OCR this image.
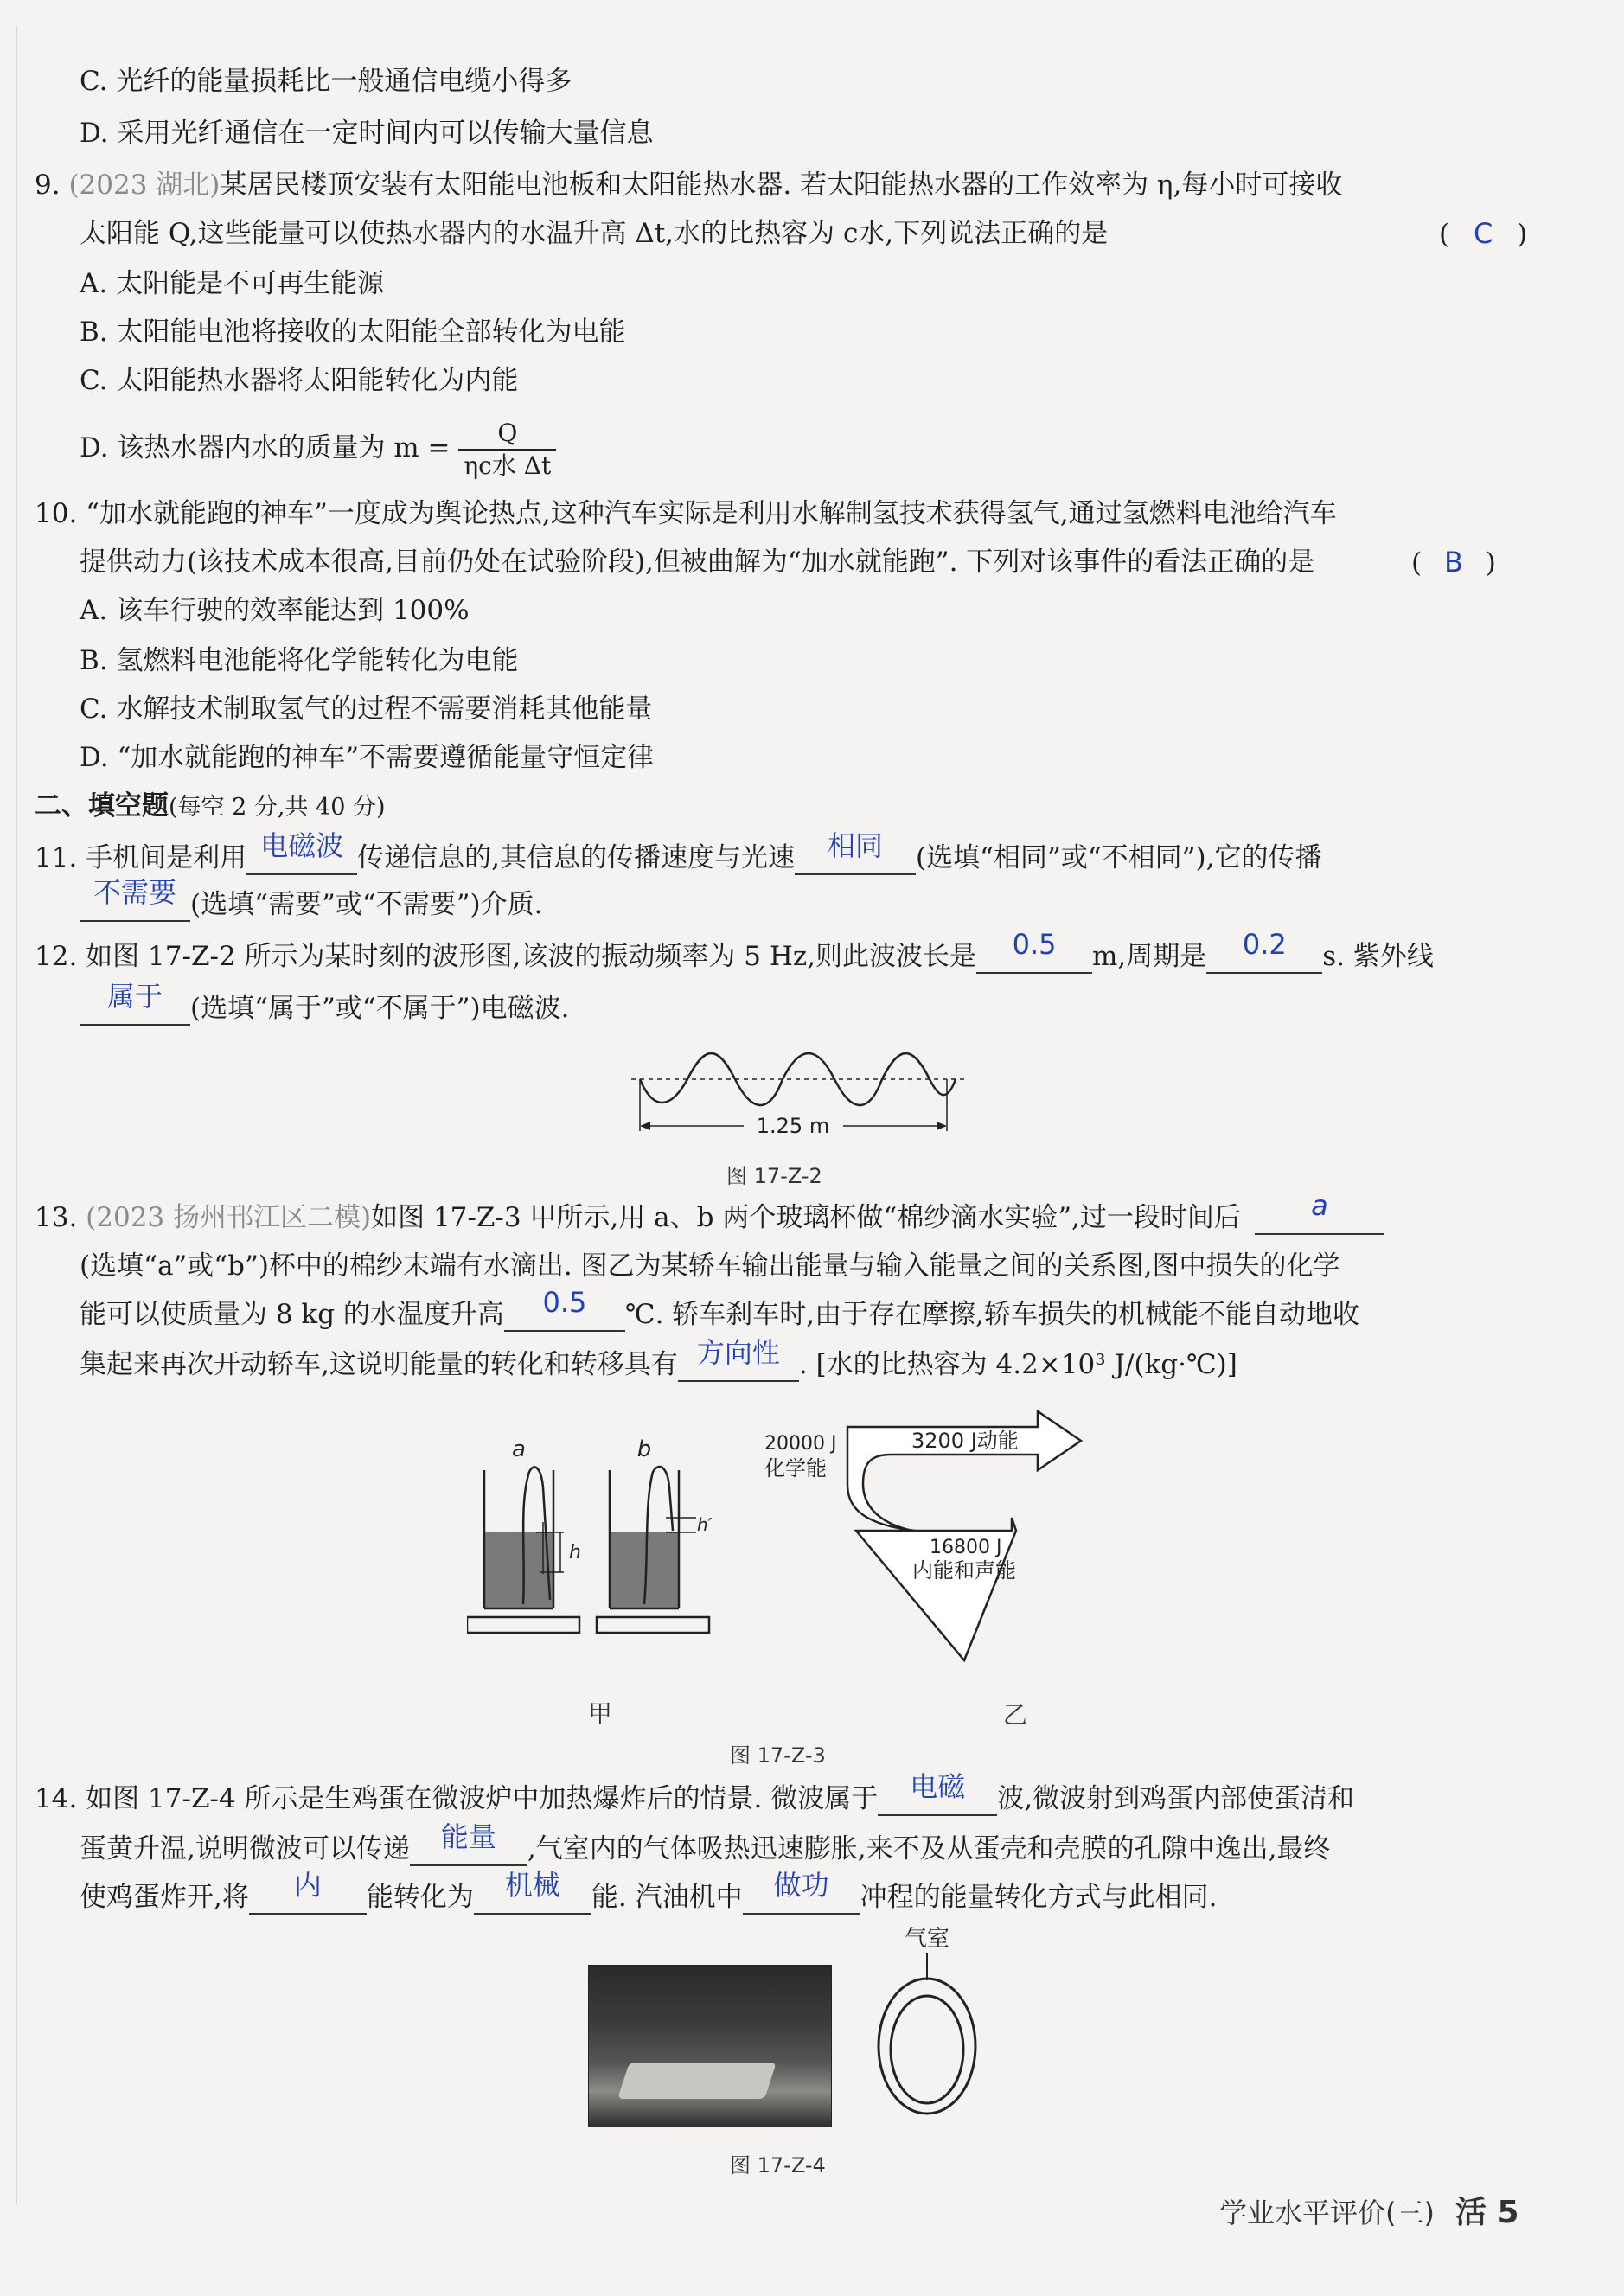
C. 光纤的能量损耗比一般通信电缆小得多
D. 采用光纤通信在一定时间内可以传输大量信息
9. (2023 湖北)某居民楼顶安装有太阳能电池板和太阳能热水器. 若太阳能热水器的工作效率为 η,每小时可接收
太阳能 Q,这些能量可以使热水器内的水温升高 Δt,水的比热容为 c水,下列说法正确的是	( C )
A. 太阳能是不可再生能源
B. 太阳能电池将接收的太阳能全部转化为电能
C. 太阳能热水器将太阳能转化为内能
D. 该热水器内水的质量为 $m = \frac{Q}{\text{ηc水 Δt}}$
10. “加水就能跑的神车”一度成为舆论热点,这种汽车实际是利用水解制氢技术获得氢气,通过氢燃料电池给汽车
提供动力(该技术成本很高,目前仍处在试验阶段),但被曲解为“加水就能跑”. 下列对该事件的看法正确的是	( B )
A. 该车行驶的效率能达到 100%
B. 氢燃料电池能将化学能转化为电能
C. 水解技术制取氢气的过程不需要消耗其他能量
D. “加水就能跑的神车”不需要遵循能量守恒定律
二、填空题(每空 2 分,共 40 分)
11. 手机间是利用 电磁波 传递信息的,其信息的传播速度与光速	相同	(选填“相同”或“不相同”),它的传播
不需要 (选填“需要”或“不需要”)介质.
12. 如图 17-Z-2 所示为某时刻的波形图,该波的振动频率为 5 Hz,则此波波长是	0.5	m,周期是	0.2	s. 紫外线
属于	(选填“属于”或“不属于”)电磁波.
1.25 m
图 17-Z-2
13. (2023 扬州邗江区二模)如图 17-Z-3 甲所示,用 a、b 两个玻璃杯做“棉纱滴水实验”,过一段时间后	a
(选填“a”或“b”)杯中的棉纱末端有水滴出. 图乙为某轿车输出能量与输入能量之间的关系图,图中损失的化学
能可以使质量为 8 kg 的水温度升高	0.5	℃. 轿车刹车时,由于存在摩擦,轿车损失的机械能不能自动地收
集起来再次开动轿车,这说明能量的转化和转移具有 方向性 . [水的比热容为 4.2×10³ J/(kg·℃)]
a	b
h
h′
20000 J
化学能
3200 J动能
16800 J
内能和声能
甲	乙
图 17-Z-3
14. 如图 17-Z-4 所示是生鸡蛋在微波炉中加热爆炸后的情景. 微波属于	电磁	波,微波射到鸡蛋内部使蛋清和
蛋黄升温,说明微波可以传递	能量	,气室内的气体吸热迅速膨胀,来不及从蛋壳和壳膜的孔隙中逸出,最终
使鸡蛋炸开,将	内	能转化为	机械	能. 汽油机中	做功	冲程的能量转化方式与此相同.
气室
图 17-Z-4
学业水平评价(三) 活 5
